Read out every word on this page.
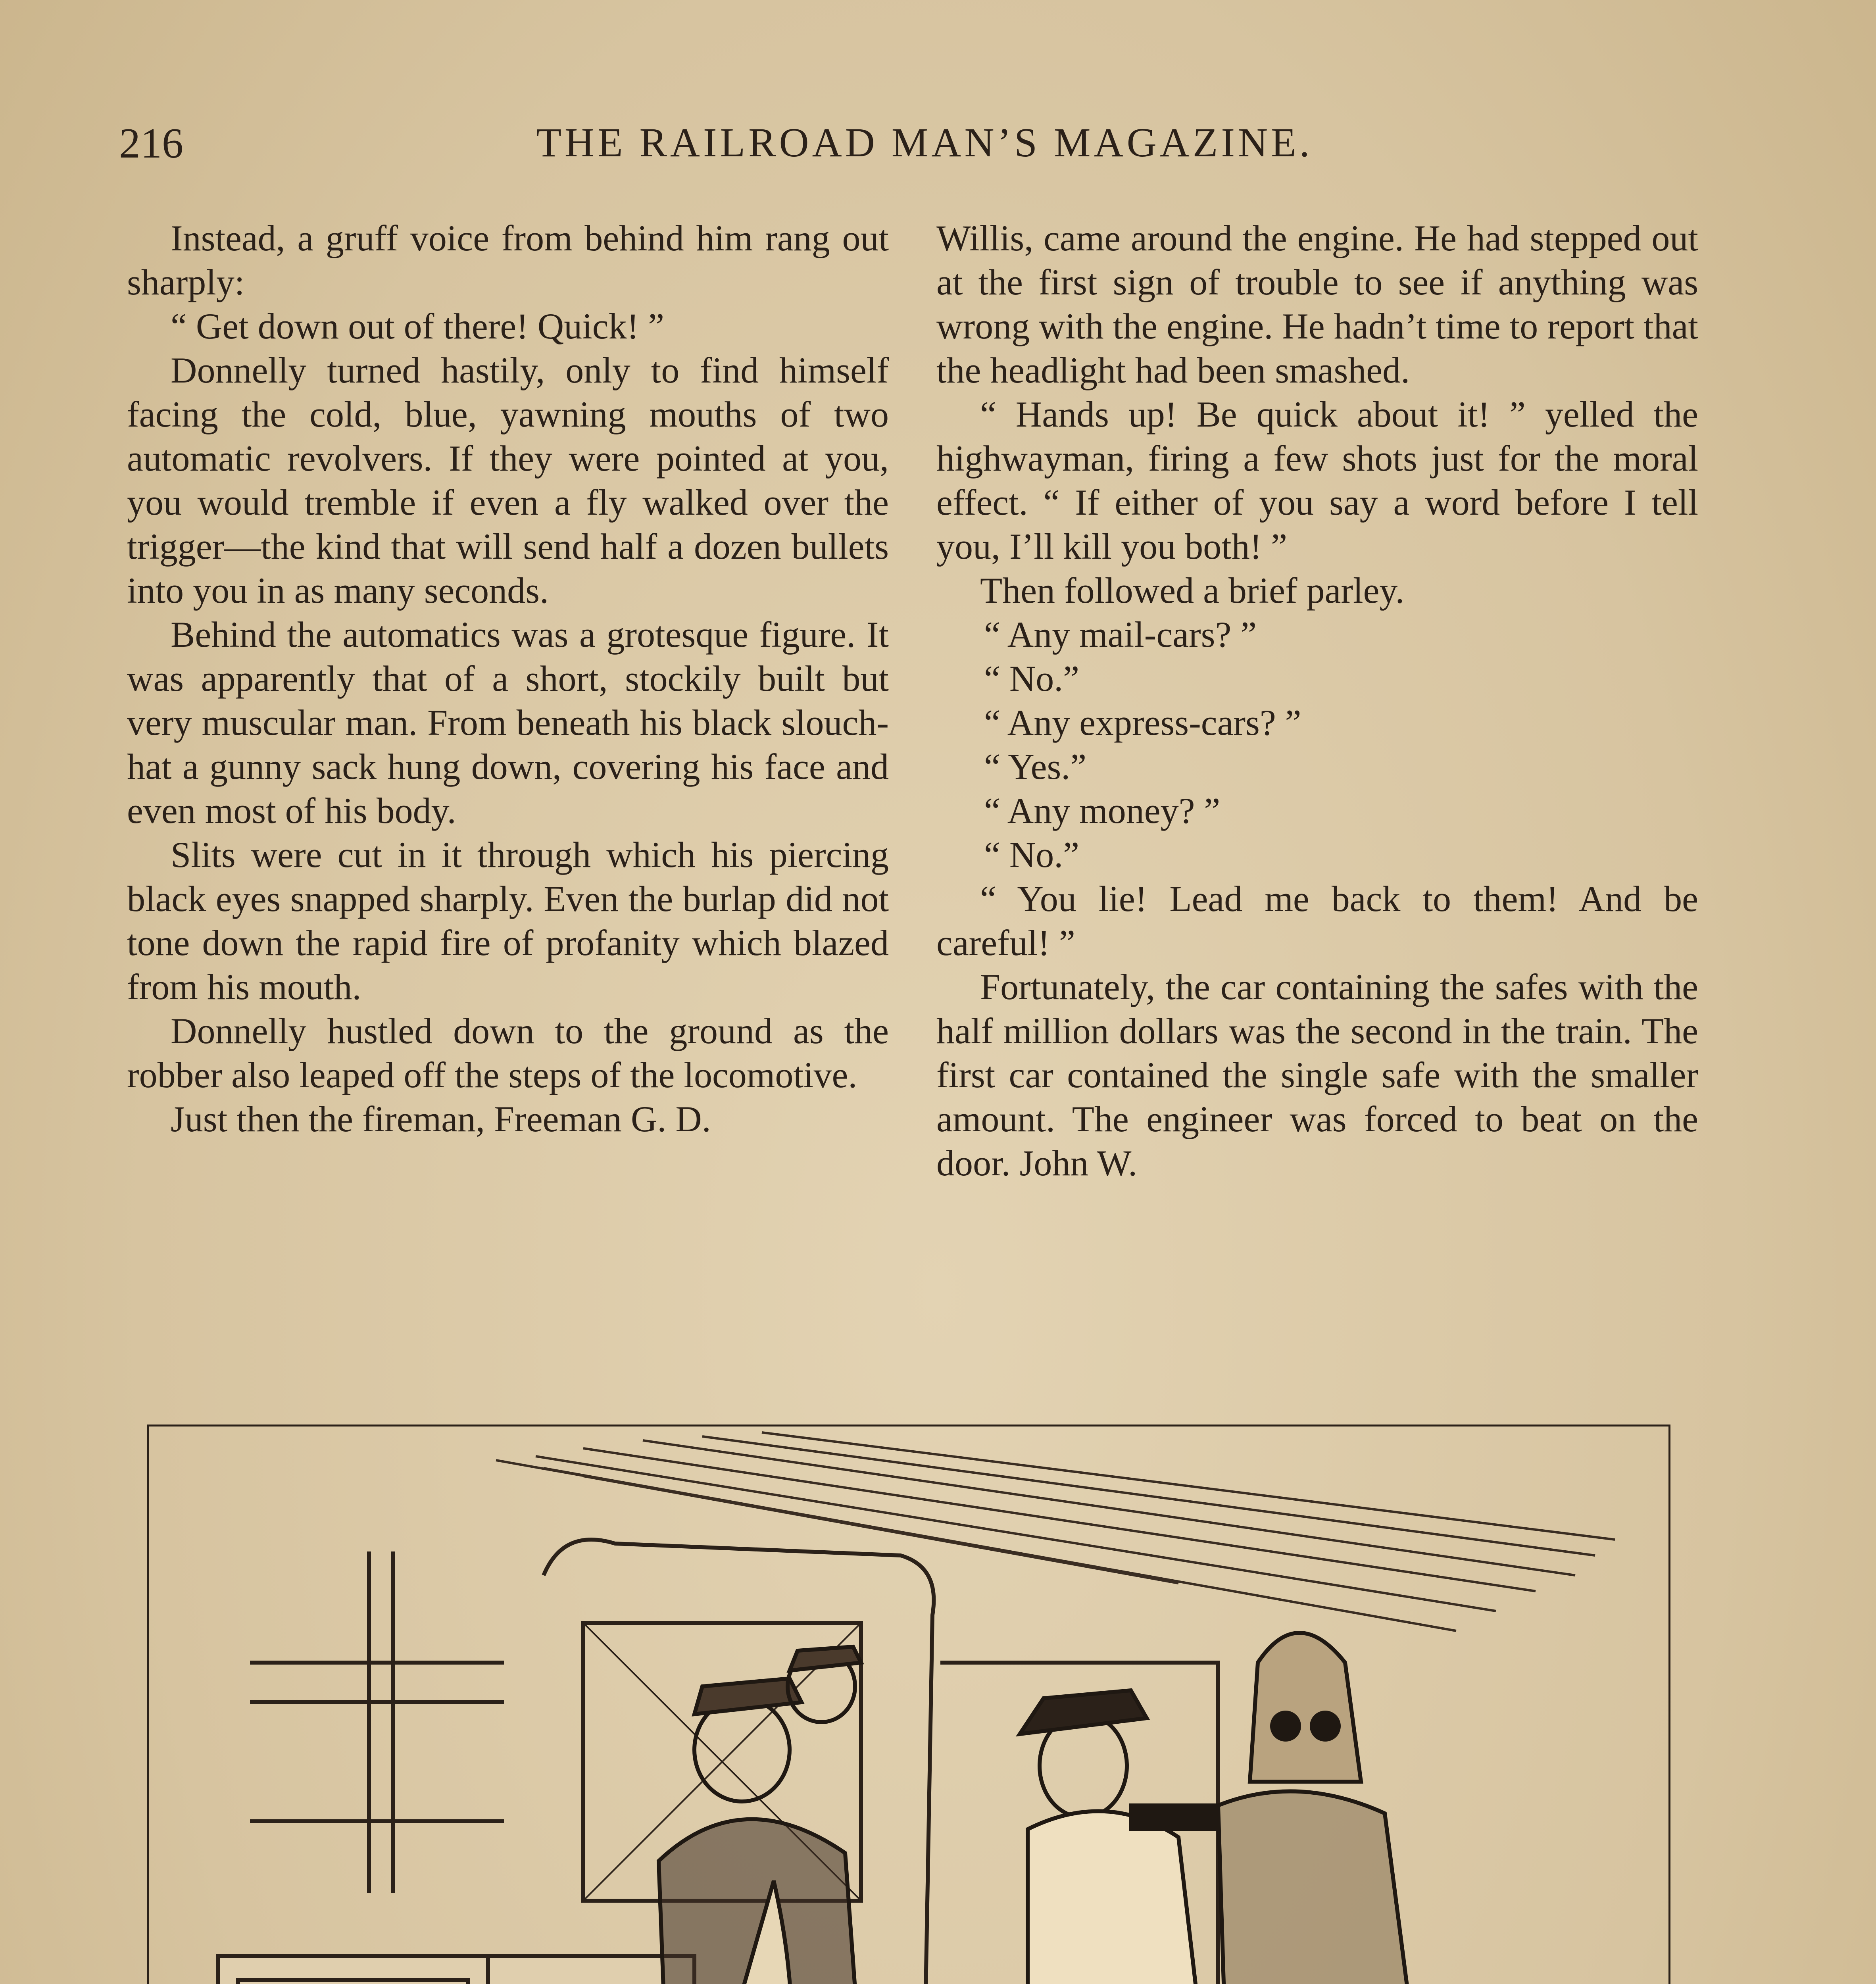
216	THE RAILROAD MAN’S MAGAZINE.

Instead, a gruff voice from behind him rang out sharply:

“ Get down out of there! Quick! ”

Donnelly turned hastily, only to find himself facing the cold, blue, yawning mouths of two automatic revolvers. If they were pointed at you, you would tremble if even a fly walked over the trigger—the kind that will send half a dozen bullets into you in as many seconds.

Behind the automatics was a grotesque figure. It was apparently that of a short, stockily built but very muscular man. From beneath his black slouch-hat a gunny sack hung down, covering his face and even most of his body.

Slits were cut in it through which his piercing black eyes snapped sharply. Even the burlap did not tone down the rapid fire of profanity which blazed from his mouth.

Donnelly hustled down to the ground as the robber also leaped off the steps of the locomotive.

Just then the fireman, Freeman G. D.

Willis, came around the engine. He had stepped out at the first sign of trouble to see if anything was wrong with the engine. He hadn’t time to report that the headlight had been smashed.

“ Hands up! Be quick about it! ” yelled the highwayman, firing a few shots just for the moral effect. “ If either of you say a word before I tell you, I’ll kill you both! ”

Then followed a brief parley.

“ Any mail-cars? ”

“ No.”

“ Any express-cars? ”

“ Yes.”

“ Any money? ”

“ No.”

“ You lie! Lead me back to them! And be careful! ”

Fortunately, the car containing the safes with the half million dollars was the second in the train. The first car contained the single safe with the smaller amount. The engineer was forced to beat on the door. John W.
